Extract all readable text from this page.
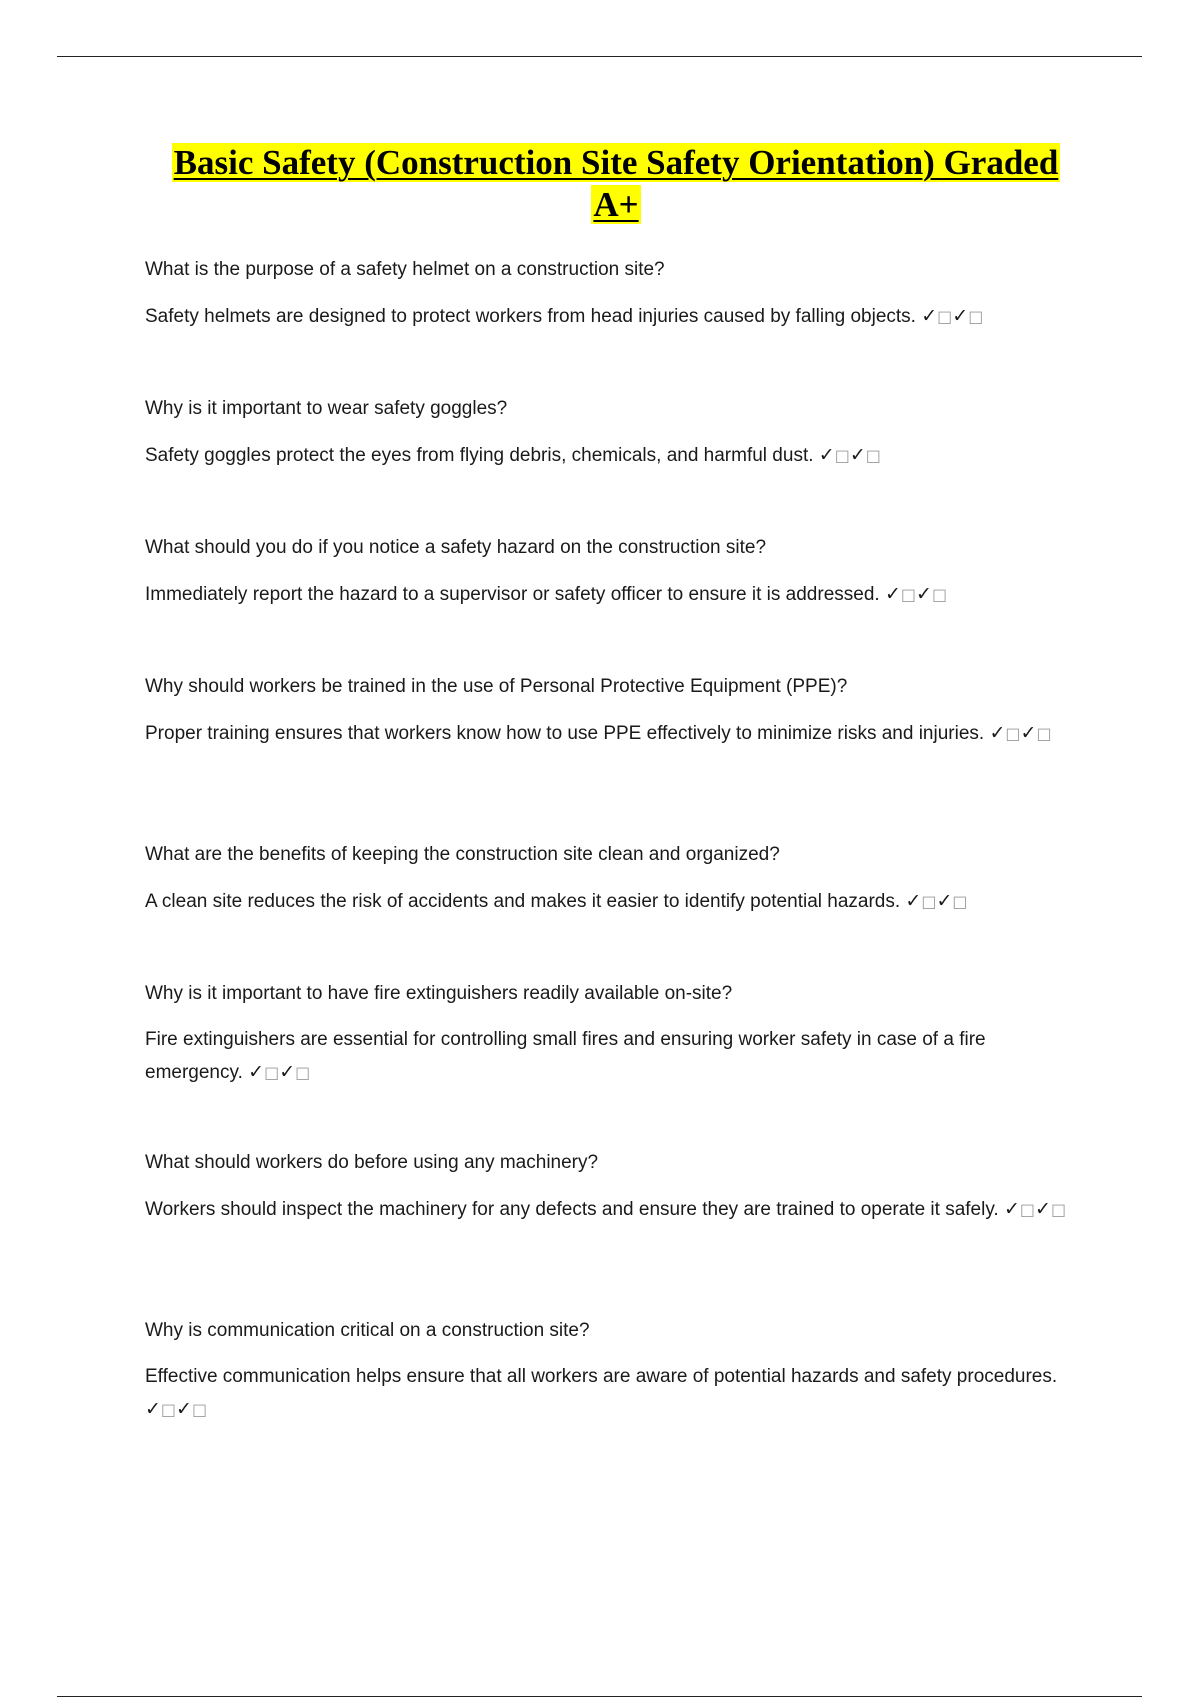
Basic Safety (Construction Site Safety Orientation) Graded
A+

What is the purpose of a safety helmet on a construction site?

Safety helmets are designed to protect workers from head injuries caused by falling objects. ✓□✓□

Why is it important to wear safety goggles?

Safety goggles protect the eyes from flying debris, chemicals, and harmful dust. ✓□✓□

What should you do if you notice a safety hazard on the construction site?

Immediately report the hazard to a supervisor or safety officer to ensure it is addressed. ✓□✓□

Why should workers be trained in the use of Personal Protective Equipment (PPE)?

Proper training ensures that workers know how to use PPE effectively to minimize risks and injuries. ✓□✓□

What are the benefits of keeping the construction site clean and organized?

A clean site reduces the risk of accidents and makes it easier to identify potential hazards. ✓□✓□

Why is it important to have fire extinguishers readily available on-site?

Fire extinguishers are essential for controlling small fires and ensuring worker safety in case of a fire emergency. ✓□✓□

What should workers do before using any machinery?

Workers should inspect the machinery for any defects and ensure they are trained to operate it safely. ✓□✓□

Why is communication critical on a construction site?

Effective communication helps ensure that all workers are aware of potential hazards and safety procedures. ✓□✓□
